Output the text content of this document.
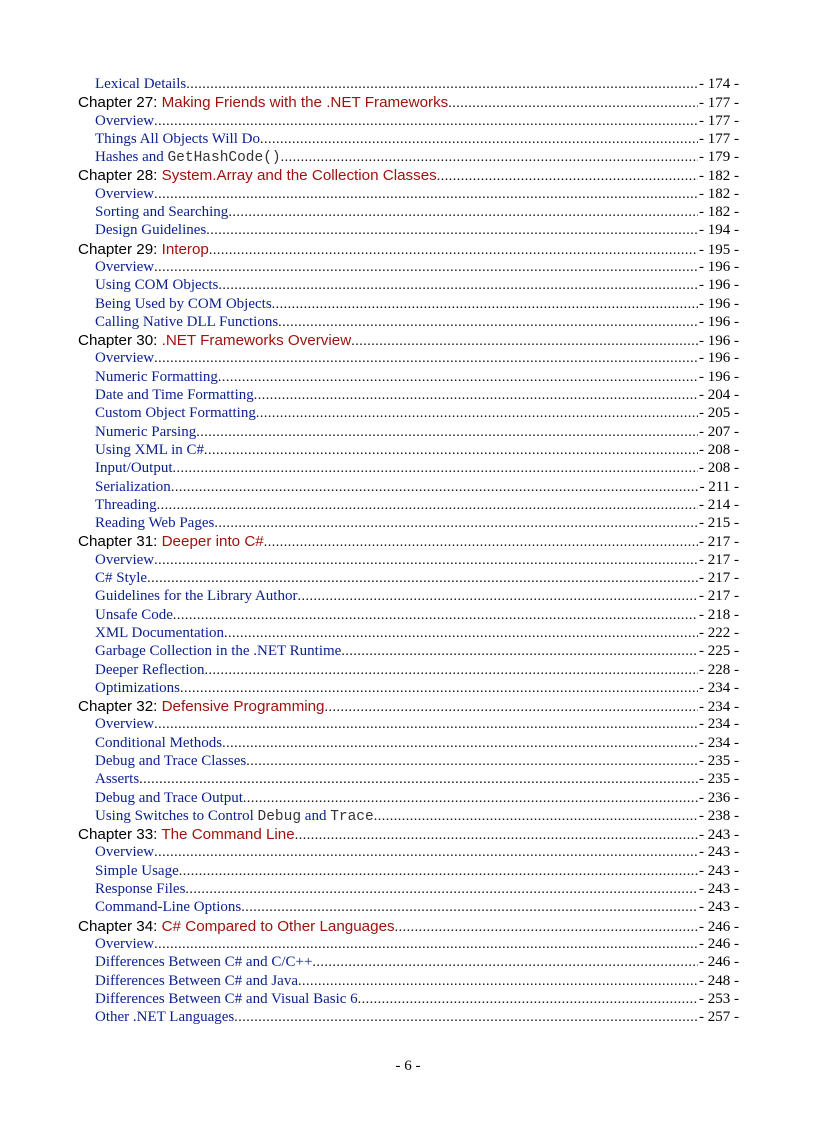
Lexical Details .....	- 174 -
Chapter 27: Making Friends with the .NET Frameworks .....	- 177 -
Overview .....	- 177 -
Things All Objects Will Do .....	- 177 -
Hashes and GetHashCode() .....	- 179 -
Chapter 28: System.Array and the Collection Classes .....	- 182 -
Overview .....	- 182 -
Sorting and Searching .....	- 182 -
Design Guidelines .....	- 194 -
Chapter 29: Interop .....	- 195 -
Overview .....	- 196 -
Using COM Objects .....	- 196 -
Being Used by COM Objects .....	- 196 -
Calling Native DLL Functions .....	- 196 -
Chapter 30: .NET Frameworks Overview .....	- 196 -
Overview .....	- 196 -
Numeric Formatting .....	- 196 -
Date and Time Formatting .....	- 204 -
Custom Object Formatting .....	- 205 -
Numeric Parsing .....	- 207 -
Using XML in C# .....	- 208 -
Input/Output .....	- 208 -
Serialization .....	- 211 -
Threading .....	- 214 -
Reading Web Pages .....	- 215 -
Chapter 31: Deeper into C# .....	- 217 -
Overview .....	- 217 -
C# Style .....	- 217 -
Guidelines for the Library Author .....	- 217 -
Unsafe Code .....	- 218 -
XML Documentation .....	- 222 -
Garbage Collection in the .NET Runtime .....	- 225 -
Deeper Reflection .....	- 228 -
Optimizations .....	- 234 -
Chapter 32: Defensive Programming .....	- 234 -
Overview .....	- 234 -
Conditional Methods .....	- 234 -
Debug and Trace Classes .....	- 235 -
Asserts .....	- 235 -
Debug and Trace Output .....	- 236 -
Using Switches to Control Debug and Trace .....	- 238 -
Chapter 33: The Command Line .....	- 243 -
Overview .....	- 243 -
Simple Usage .....	- 243 -
Response Files .....	- 243 -
Command-Line Options .....	- 243 -
Chapter 34: C# Compared to Other Languages .....	- 246 -
Overview .....	- 246 -
Differences Between C# and C/C++ .....	- 246 -
Differences Between C# and Java .....	- 248 -
Differences Between C# and Visual Basic 6 .....	- 253 -
Other .NET Languages .....	- 257 -
- 6 -
